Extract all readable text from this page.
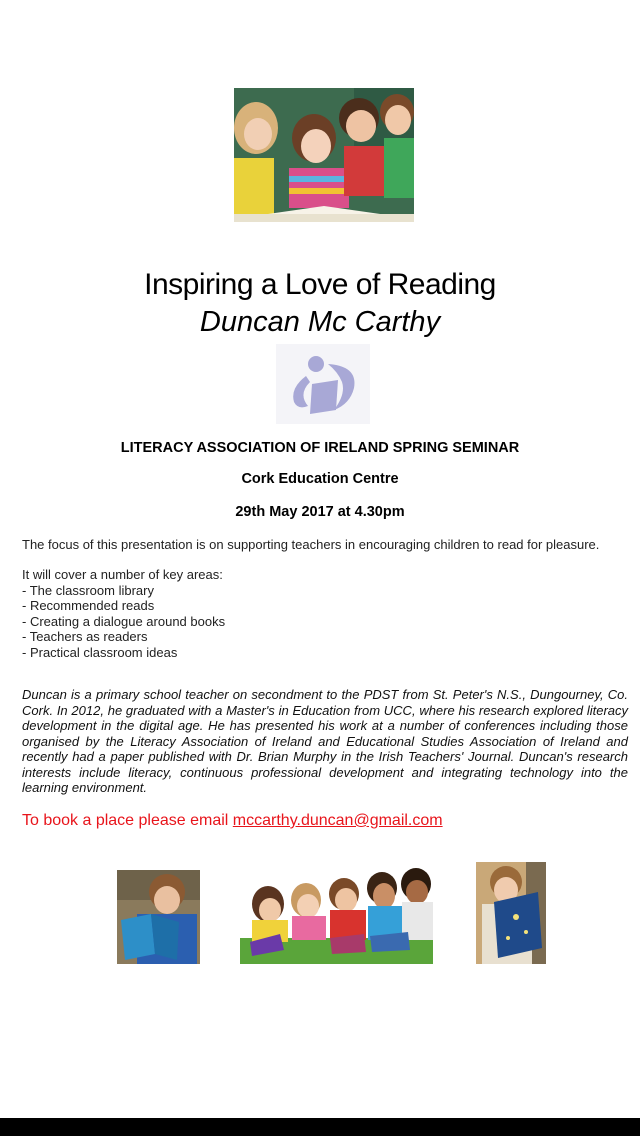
Inspiring a Love of Reading
Duncan Mc Carthy
LITERACY ASSOCIATION OF IRELAND SPRING SEMINAR
Cork Education Centre
29th May 2017 at 4.30pm
The focus of this presentation is on supporting teachers in encouraging children to read for pleasure.
It will cover a number of key areas:
- The classroom library
- Recommended reads
- Creating a dialogue around books
- Teachers as readers
- Practical classroom ideas
Duncan is a primary school teacher on secondment to the PDST from St. Peter's N.S., Dungourney, Co. Cork. In 2012, he graduated with a Master's in Education from UCC, where his research explored literacy development in the digital age. He has presented his work at a number of conferences including those organised by the Literacy Association of Ireland and Educational Studies Association of Ireland and recently had a paper published with Dr. Brian Murphy in the Irish Teachers' Journal. Duncan's research interests include literacy, continuous professional development and integrating technology into the learning environment.
To book a place please email mccarthy.duncan@gmail.com
